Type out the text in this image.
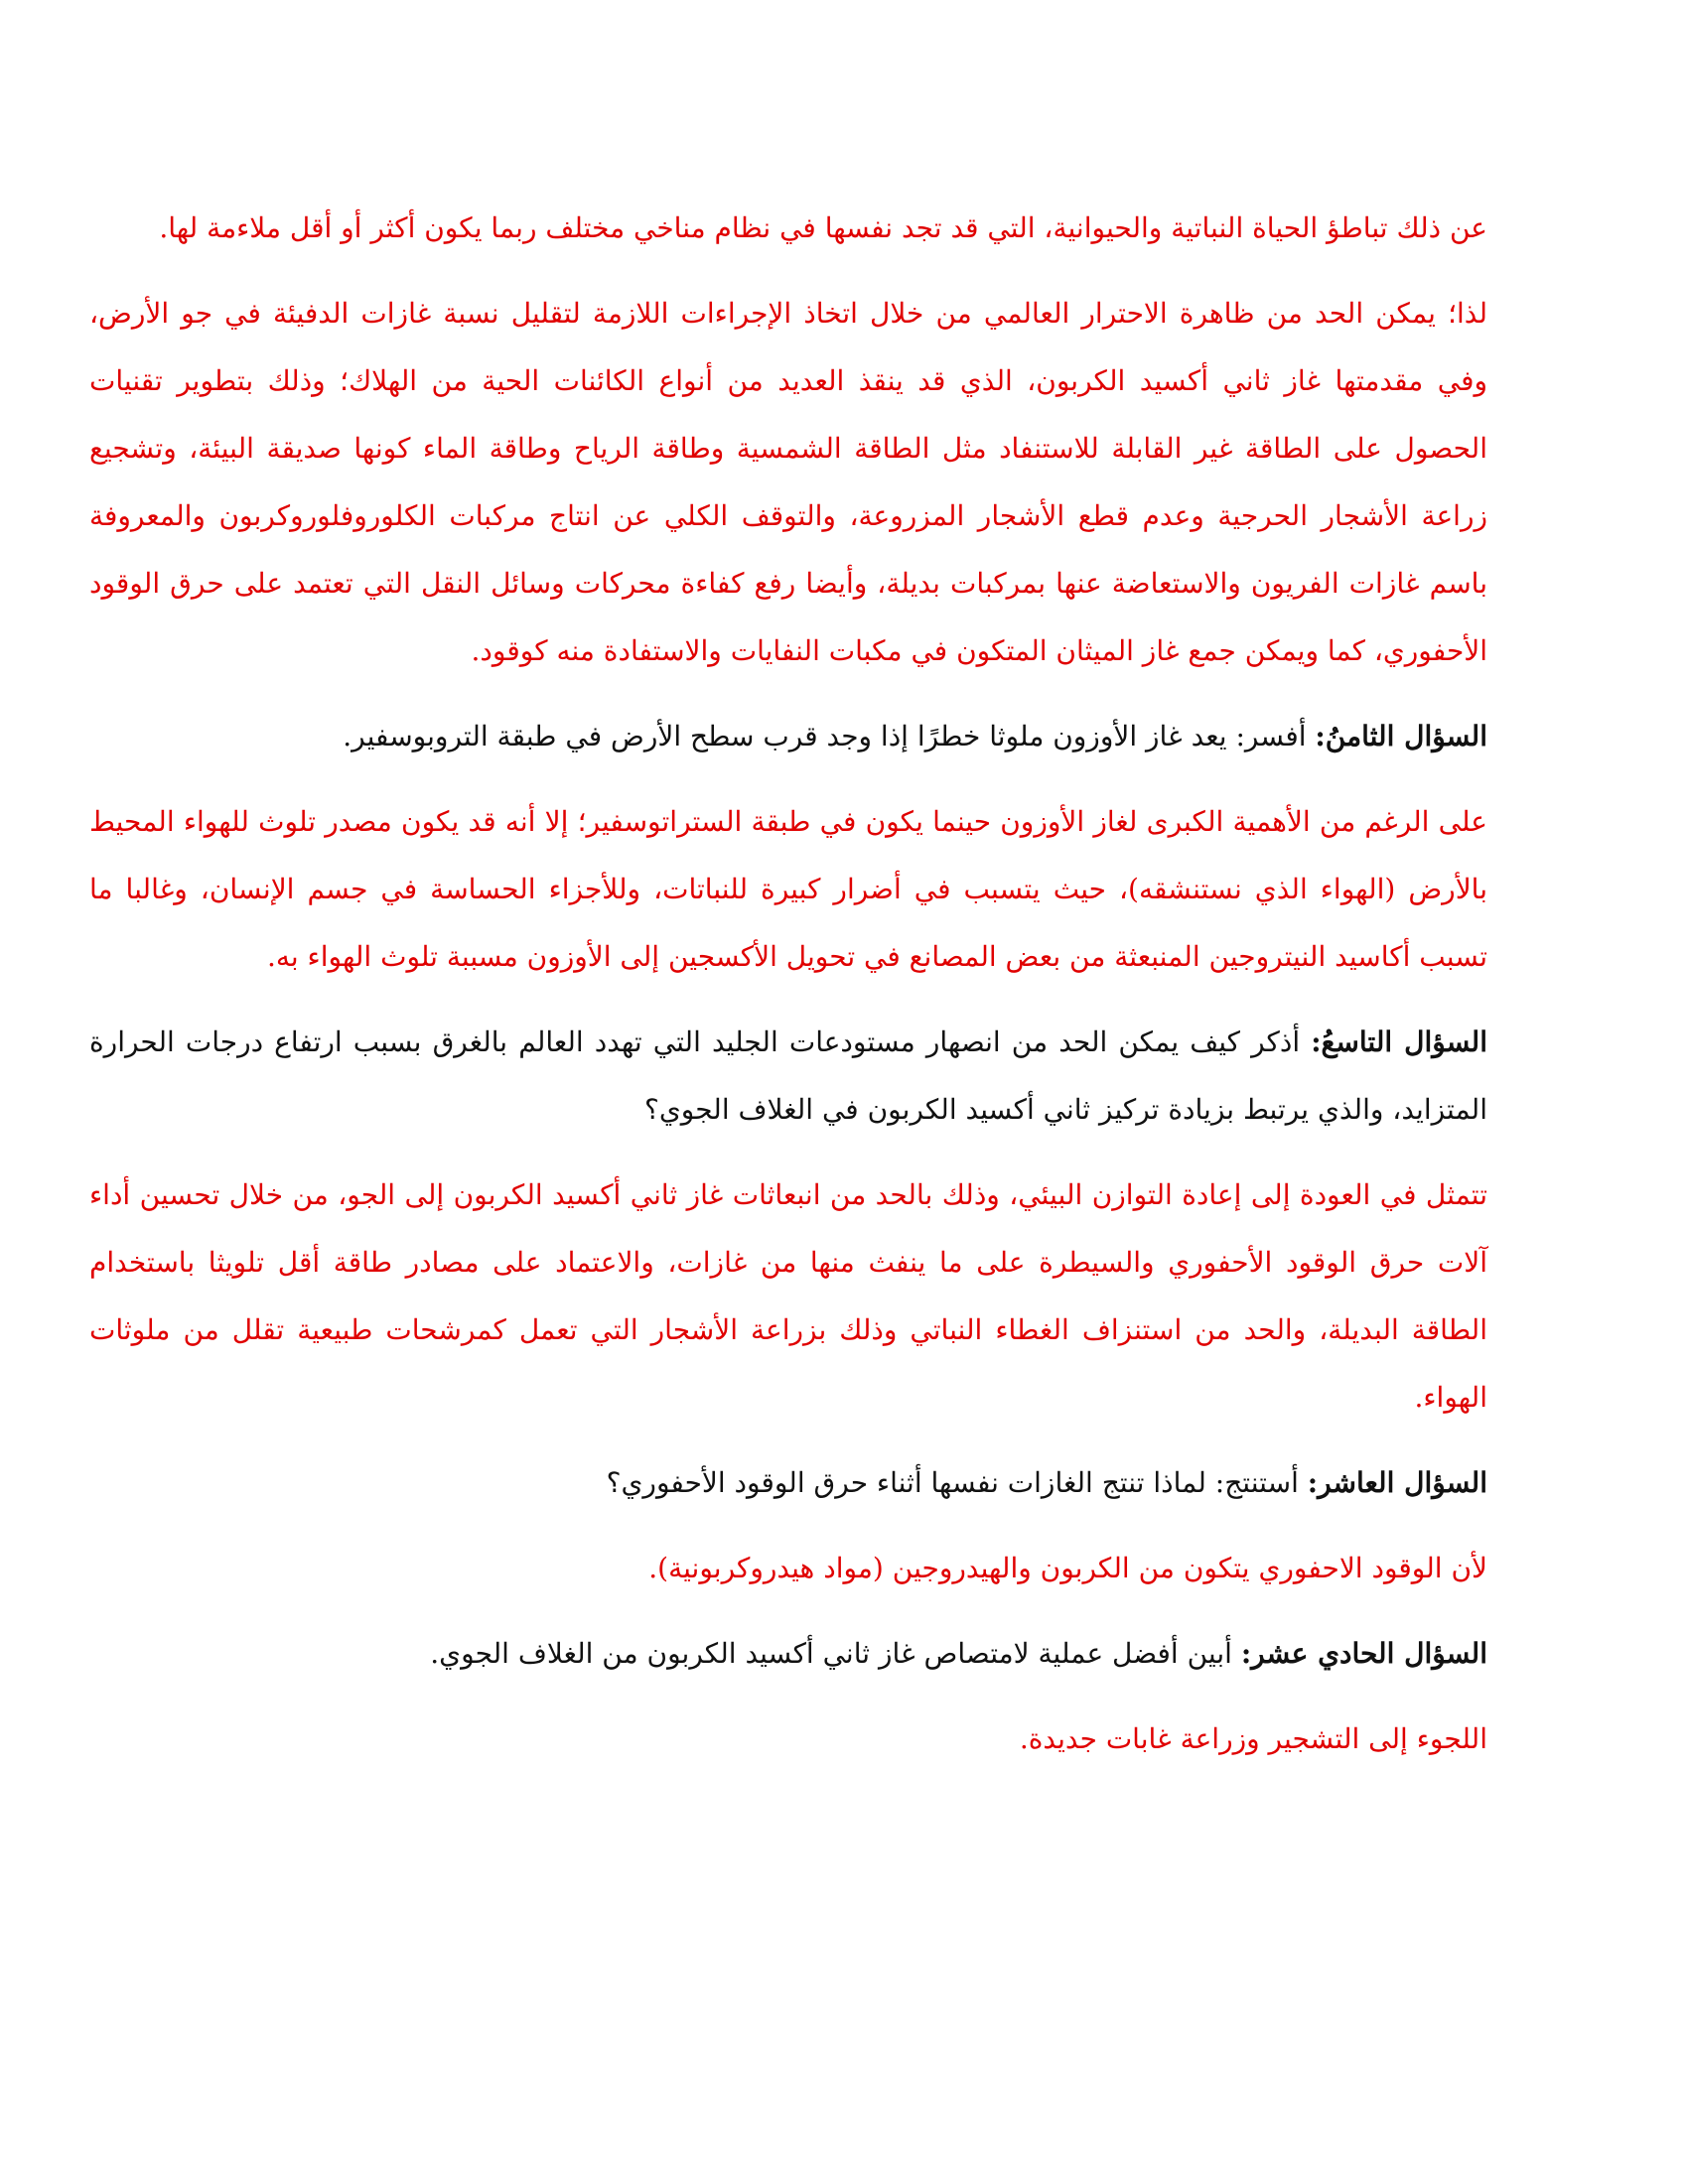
عن ذلك تباطؤ الحياة النباتية والحيوانية، التي قد تجد نفسها في نظام مناخي مختلف ربما يكون أكثر أو أقل ملاءمة لها.

لذا؛ يمكن الحد من ظاهرة الاحترار العالمي من خلال اتخاذ الإجراءات اللازمة لتقليل نسبة غازات الدفيئة في جو الأرض، وفي مقدمتها غاز ثاني أكسيد الكربون، الذي قد ينقذ العديد من أنواع الكائنات الحية من الهلاك؛ وذلك بتطوير تقنيات الحصول على الطاقة غير القابلة للاستنفاد مثل الطاقة الشمسية وطاقة الرياح وطاقة الماء كونها صديقة البيئة، وتشجيع زراعة الأشجار الحرجية وعدم قطع الأشجار المزروعة، والتوقف الكلي عن انتاج مركبات الكلوروفلوروكربون والمعروفة باسم غازات الفريون والاستعاضة عنها بمركبات بديلة، وأيضا رفع كفاءة محركات وسائل النقل التي تعتمد على حرق الوقود الأحفوري، كما ويمكن جمع غاز الميثان المتكون في مكبات النفايات والاستفادة منه كوقود.

السؤال الثامنُ: أفسر: يعد غاز الأوزون ملوثا خطرًا إذا وجد قرب سطح الأرض في طبقة التروبوسفير.

على الرغم من الأهمية الكبرى لغاز الأوزون حينما يكون في طبقة الستراتوسفير؛ إلا أنه قد يكون مصدر تلوث للهواء المحيط بالأرض (الهواء الذي نستنشقه)، حيث يتسبب في أضرار كبيرة للنباتات، وللأجزاء الحساسة في جسم الإنسان، وغالبا ما تسبب أكاسيد النيتروجين المنبعثة من بعض المصانع في تحويل الأكسجين إلى الأوزون مسببة تلوث الهواء به.

السؤال التاسعُ: أذكر كيف يمكن الحد من انصهار مستودعات الجليد التي تهدد العالم بالغرق بسبب ارتفاع درجات الحرارة المتزايد، والذي يرتبط بزيادة تركيز ثاني أكسيد الكربون في الغلاف الجوي؟

تتمثل في العودة إلى إعادة التوازن البيئي، وذلك بالحد من انبعاثات غاز ثاني أكسيد الكربون إلى الجو، من خلال تحسين أداء آلات حرق الوقود الأحفوري والسيطرة على ما ينفث منها من غازات، والاعتماد على مصادر طاقة أقل تلويثا باستخدام الطاقة البديلة، والحد من استنزاف الغطاء النباتي وذلك بزراعة الأشجار التي تعمل كمرشحات طبيعية تقلل من ملوثات الهواء.

السؤال العاشر: أستنتج: لماذا تنتج الغازات نفسها أثناء حرق الوقود الأحفوري؟

لأن الوقود الاحفوري يتكون من الكربون والهيدروجين (مواد هيدروكربونية).

السؤال الحادي عشر: أبين أفضل عملية لامتصاص غاز ثاني أكسيد الكربون من الغلاف الجوي.

اللجوء إلى التشجير وزراعة غابات جديدة.
